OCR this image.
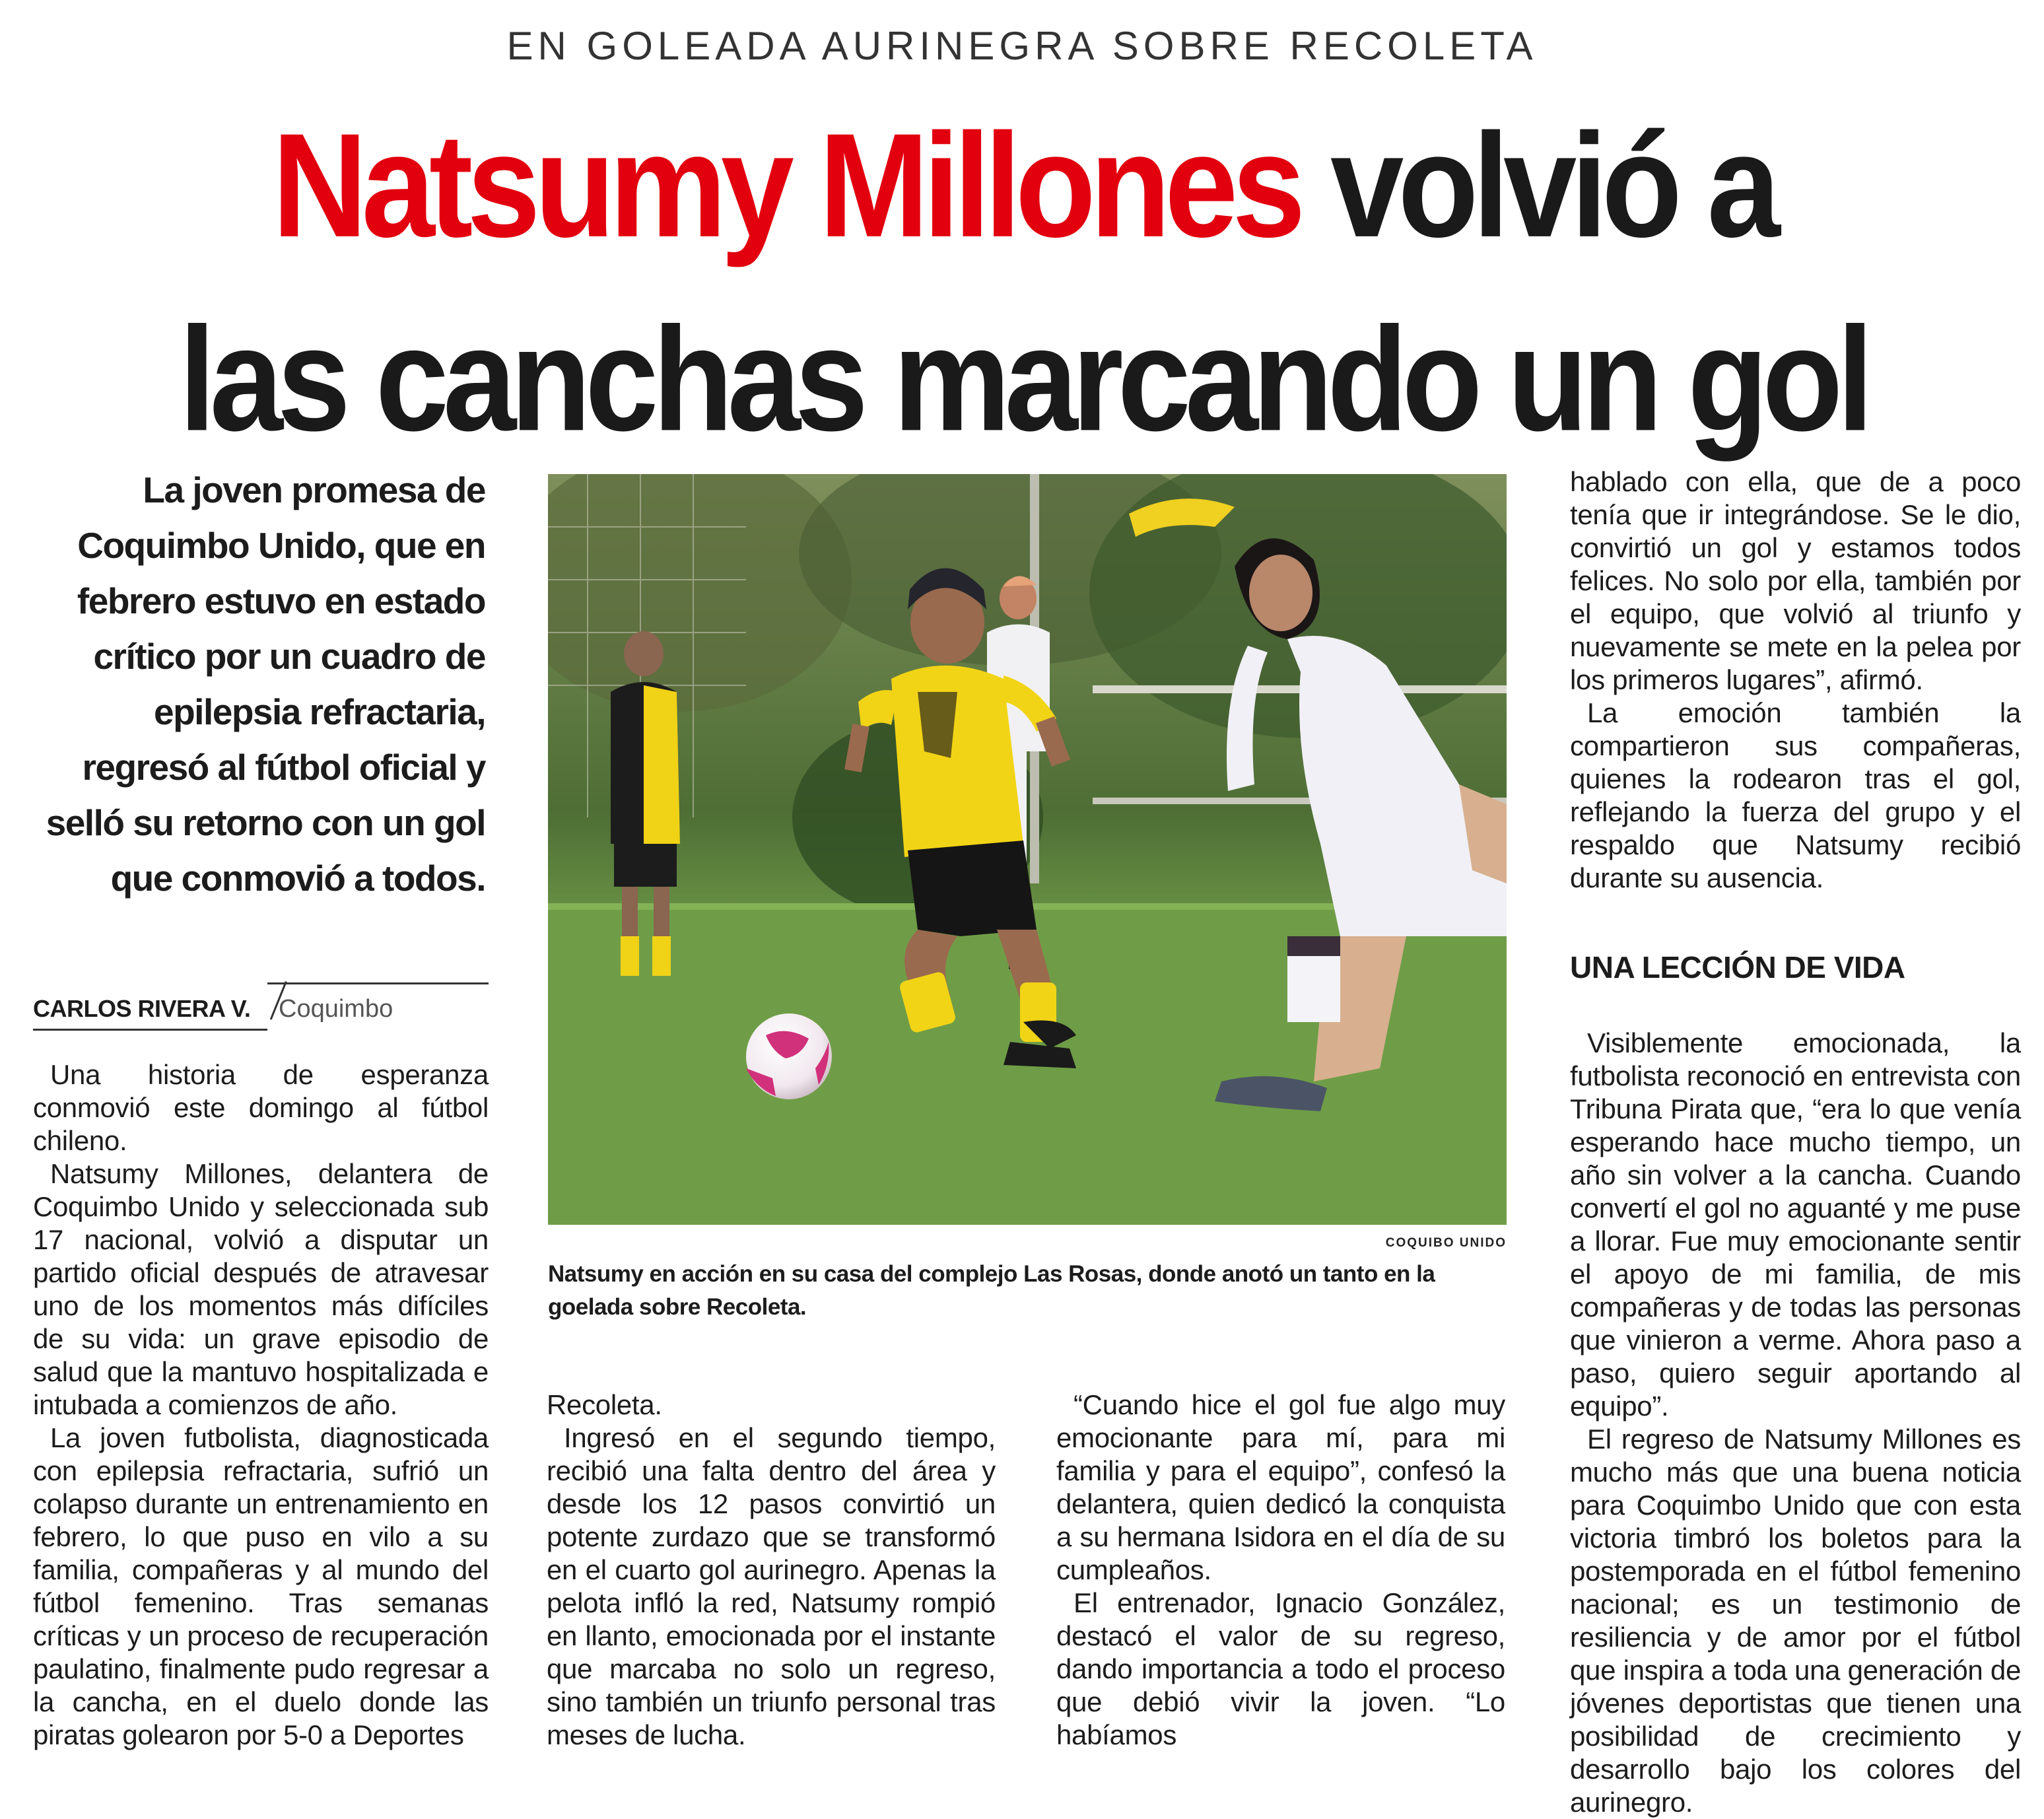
EN GOLEADA AURINEGRA SOBRE RECOLETA
Natsumy Millones volvió a
las canchas marcando un gol
La joven promesa de Coquimbo Unido, que en febrero estuvo en estado crítico por un cuadro de epilepsia refractaria, regresó al fútbol oficial y selló su retorno con un gol que conmovió a todos.
CARLOS RIVERA V. Coquimbo

Una historia de esperanza conmovió este domingo al fútbol chileno.

Natsumy Millones, delantera de Coquimbo Unido y seleccionada sub 17 nacional, volvió a disputar un partido oficial después de atravesar uno de los momentos más difíciles de su vida: un grave episodio de salud que la mantuvo hospitalizada e intubada a comienzos de año.

La joven futbolista, diagnosticada con epilepsia refractaria, sufrió un colapso durante un entrenamiento en febrero, lo que puso en vilo a su familia, compañeras y al mundo del fútbol femenino. Tras semanas críticas y un proceso de recuperación paulatino, finalmente pudo regresar a la cancha, en el duelo donde las piratas golearon por 5-0 a Deportes

COQUIBO UNIDO
Natsumy en acción en su casa del complejo Las Rosas, donde anotó un tanto en la goelada sobre Recoleta.

Recoleta.

Ingresó en el segundo tiempo, recibió una falta dentro del área y desde los 12 pasos convirtió un potente zurdazo que se transformó en el cuarto gol aurinegro. Apenas la pelota infló la red, Natsumy rompió en llanto, emocionada por el instante que marcaba no solo un regreso, sino también un triunfo personal tras meses de lucha.

“Cuando hice el gol fue algo muy emocionante para mí, para mi familia y para el equipo”, confesó la delantera, quien dedicó la conquista a su hermana Isidora en el día de su cumpleaños.

El entrenador, Ignacio González, destacó el valor de su regreso, dando importancia a todo el proceso que debió vivir la joven. “Lo habíamos

hablado con ella, que de a poco tenía que ir integrándose. Se le dio, convirtió un gol y estamos todos felices. No solo por ella, también por el equipo, que volvió al triunfo y nuevamente se mete en la pelea por los primeros lugares”, afirmó.

La emoción también la compartieron sus compañeras, quienes la rodearon tras el gol, reflejando la fuerza del grupo y el respaldo que Natsumy recibió durante su ausencia.

UNA LECCIÓN DE VIDA

Visiblemente emocionada, la futbolista reconoció en entrevista con Tribuna Pirata que, “era lo que venía esperando hace mucho tiempo, un año sin volver a la cancha. Cuando convertí el gol no aguanté y me puse a llorar. Fue muy emocionante sentir el apoyo de mi familia, de mis compañeras y de todas las personas que vinieron a verme. Ahora paso a paso, quiero seguir aportando al equipo”.

El regreso de Natsumy Millones es mucho más que una buena noticia para Coquimbo Unido que con esta victoria timbró los boletos para la postemporada en el fútbol femenino nacional; es un testimonio de resiliencia y de amor por el fútbol que inspira a toda una generación de jóvenes deportistas que tienen una posibilidad de crecimiento y desarrollo bajo los colores del aurinegro.
